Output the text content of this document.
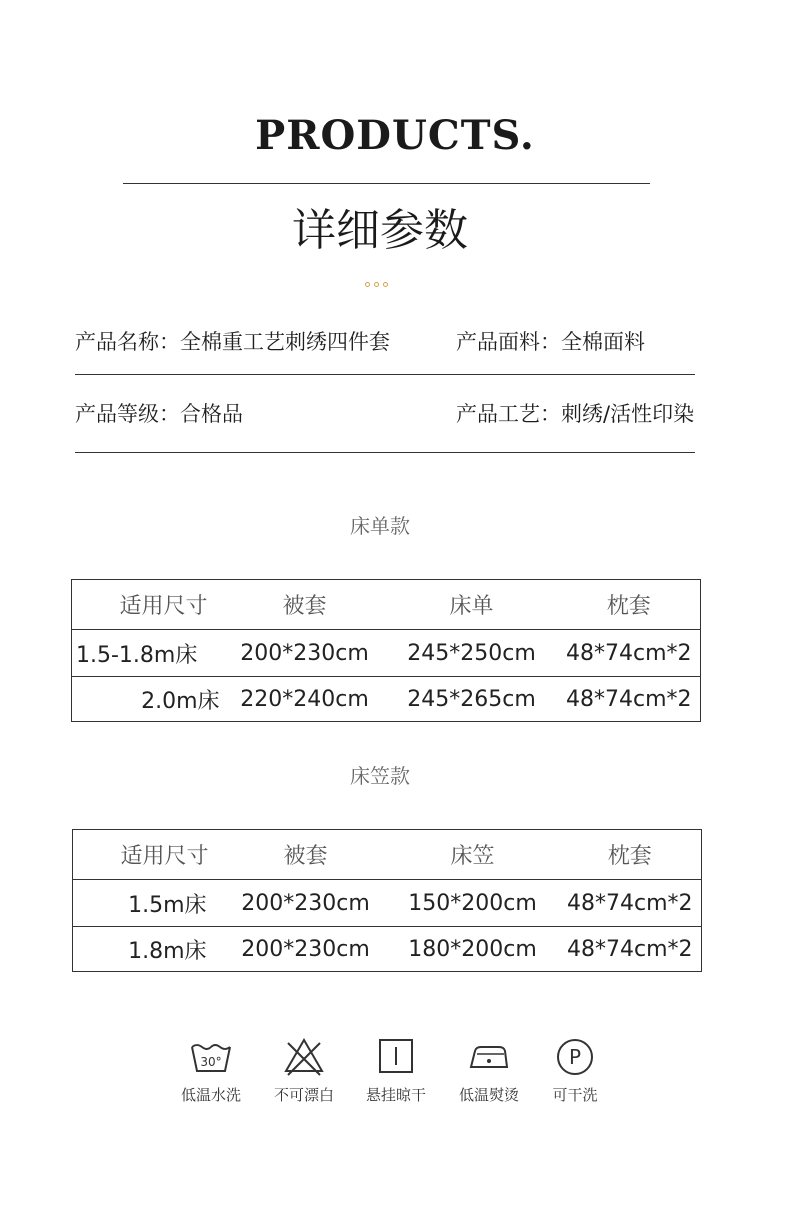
PRODUCTS.
详细参数
产品名称：全棉重工艺刺绣四件套	产品面料：全棉面料
产品等级：合格品	产品工艺：刺绣/活性印染
床单款
适用尺寸	被套	床单	枕套
1.5-1.8m床	200*230cm	245*250cm	48*74cm*2
2.0m床	220*240cm	245*265cm	48*74cm*2
床笠款
适用尺寸	被套	床笠	枕套
1.5m床	200*230cm	150*200cm	48*74cm*2
1.8m床	200*230cm	180*200cm	48*74cm*2
30°
低温水洗	不可漂白	悬挂晾干	低温熨烫
P
可干洗
